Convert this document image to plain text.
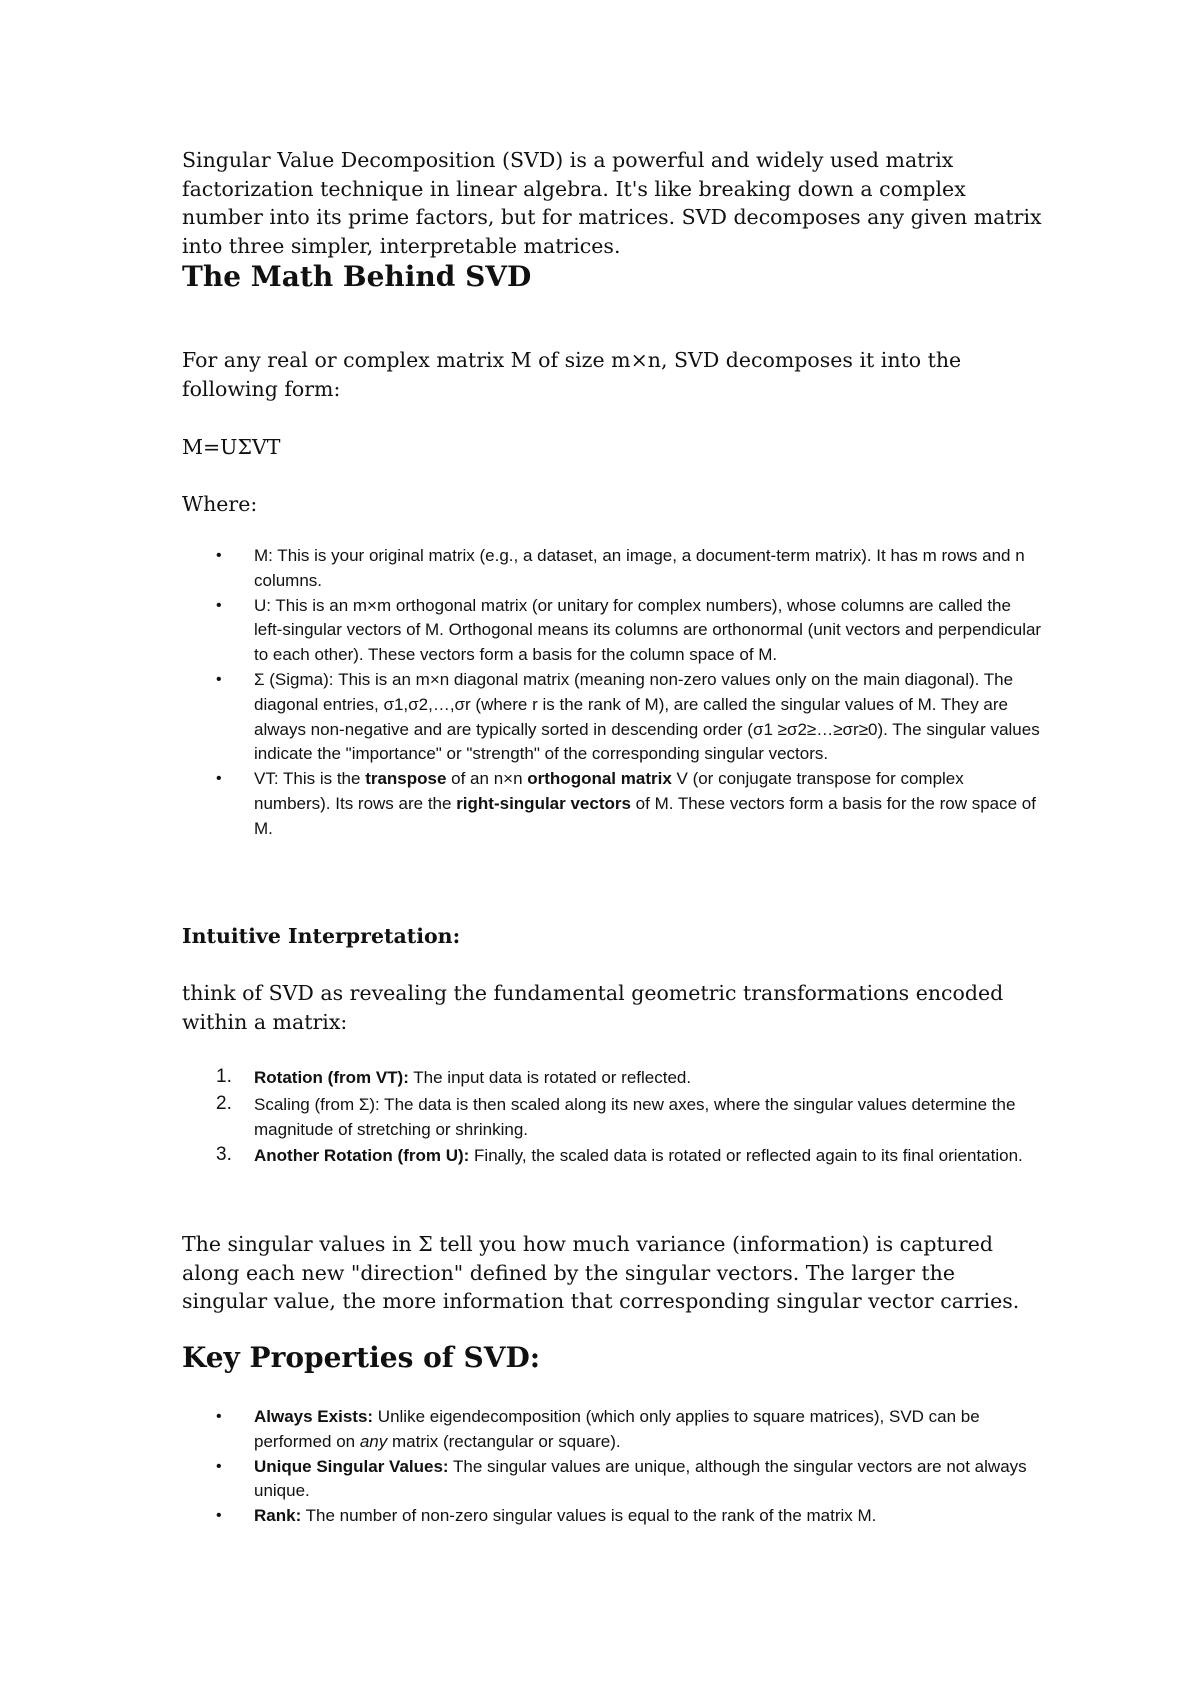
Singular Value Decomposition (SVD) is a powerful and widely used matrix factorization technique in linear algebra. It's like breaking down a complex number into its prime factors, but for matrices. SVD decomposes any given matrix into three simpler, interpretable matrices.

The Math Behind SVD

For any real or complex matrix M of size m×n, SVD decomposes it into the following form:

M=UΣVT

Where:

• M: This is your original matrix (e.g., a dataset, an image, a document-term matrix). It has m rows and n columns.
• U: This is an m×m orthogonal matrix (or unitary for complex numbers), whose columns are called the left-singular vectors of M. Orthogonal means its columns are orthonormal (unit vectors and perpendicular to each other). These vectors form a basis for the column space of M.
• Σ (Sigma): This is an m×n diagonal matrix (meaning non-zero values only on the main diagonal). The diagonal entries, σ1,σ2,…,σr (where r is the rank of M), are called the singular values of M. They are always non-negative and are typically sorted in descending order (σ1 ≥σ2≥…≥σr≥0). The singular values indicate the "importance" or "strength" of the corresponding singular vectors.
• VT: This is the transpose of an n×n orthogonal matrix V (or conjugate transpose for complex numbers). Its rows are the right-singular vectors of M. These vectors form a basis for the row space of M.
Intuitive Interpretation:

think of SVD as revealing the fundamental geometric transformations encoded within a matrix:

1. Rotation (from VT): The input data is rotated or reflected.
2. Scaling (from Σ): The data is then scaled along its new axes, where the singular values determine the magnitude of stretching or shrinking.
3. Another Rotation (from U): Finally, the scaled data is rotated or reflected again to its final orientation.

The singular values in Σ tell you how much variance (information) is captured along each new "direction" defined by the singular vectors. The larger the singular value, the more information that corresponding singular vector carries.

Key Properties of SVD:
• Always Exists: Unlike eigendecomposition (which only applies to square matrices), SVD can be performed on any matrix (rectangular or square).
• Unique Singular Values: The singular values are unique, although the singular vectors are not always unique.
• Rank: The number of non-zero singular values is equal to the rank of the matrix M.
